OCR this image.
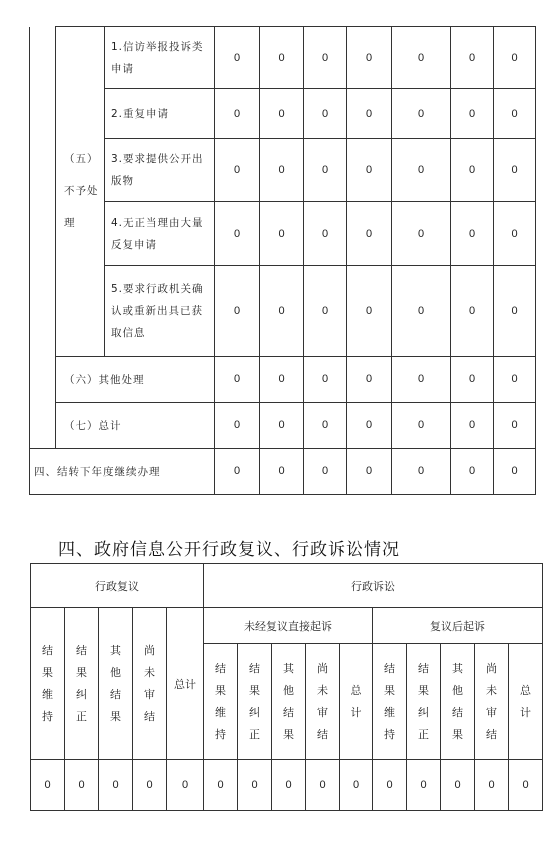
	（五）不予处理	1.信访举报投诉类申请	0	0	0	0	0	0	0
		2.重复申请	0	0	0	0	0	0	0
		3.要求提供公开出版物	0	0	0	0	0	0	0
		4.无正当理由大量反复申请	0	0	0	0	0	0	0
		5.要求行政机关确认或重新出具已获取信息	0	0	0	0	0	0	0
	（六）其他处理		0	0	0	0	0	0	0
	（七）总计		0	0	0	0	0	0	0
四、结转下年度继续办理			0	0	0	0	0	0	0
四、政府信息公开行政复议、行政诉讼情况
行政复议					行政诉讼									

结果维持	结果纠正	其他结果	尚未审结	总计	未经复议直接起诉					复议后起诉				

					结果维持	结果纠正	其他结果	尚未审结	总计	结果维持	结果纠正	其他结果	尚未审结	总计

0	0	0	0	0	0	0	0	0	0	0	0	0	0	0
